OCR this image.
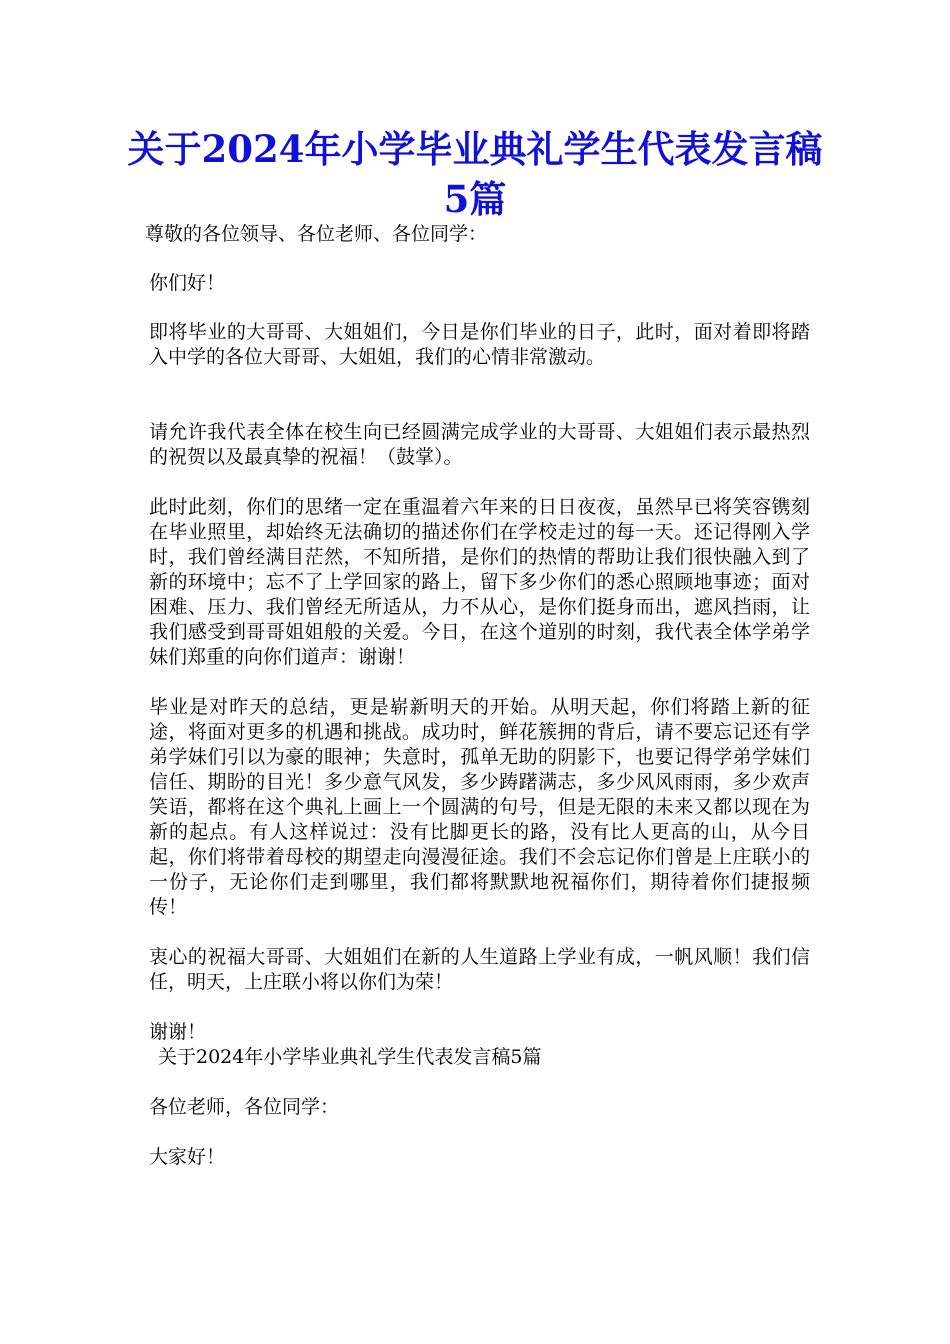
关于2024年小学毕业典礼学生代表发言稿5篇

尊敬的各位领导、各位老师、各位同学：

你们好！

即将毕业的大哥哥、大姐姐们，今日是你们毕业的日子，此时，面对着即将踏入中学的各位大哥哥、大姐姐，我们的心情非常激动。

请允许我代表全体在校生向已经圆满完成学业的大哥哥、大姐姐们表示最热烈的祝贺以及最真挚的祝福！（鼓掌）。

此时此刻，你们的思绪一定在重温着六年来的日日夜夜，虽然早已将笑容镌刻在毕业照里，却始终无法确切的描述你们在学校走过的每一天。还记得刚入学时，我们曾经满目茫然，不知所措，是你们的热情的帮助让我们很快融入到了新的环境中；忘不了上学回家的路上，留下多少你们的悉心照顾地事迹；面对困难、压力、我们曾经无所适从，力不从心，是你们挺身而出，遮风挡雨，让我们感受到哥哥姐姐般的关爱。今日，在这个道别的时刻，我代表全体学弟学妹们郑重的向你们道声：谢谢！

毕业是对昨天的总结，更是崭新明天的开始。从明天起，你们将踏上新的征途，将面对更多的机遇和挑战。成功时，鲜花簇拥的背后，请不要忘记还有学弟学妹们引以为豪的眼神；失意时，孤单无助的阴影下，也要记得学弟学妹们信任、期盼的目光！多少意气风发，多少踌躇满志，多少风风雨雨，多少欢声笑语，都将在这个典礼上画上一个圆满的句号，但是无限的未来又都以现在为新的起点。有人这样说过：没有比脚更长的路，没有比人更高的山，从今日起，你们将带着母校的期望走向漫漫征途。我们不会忘记你们曾是上庄联小的一份子，无论你们走到哪里，我们都将默默地祝福你们，期待着你们捷报频传！

衷心的祝福大哥哥、大姐姐们在新的人生道路上学业有成，一帆风顺！我们信任，明天，上庄联小将以你们为荣！

谢谢！

关于2024年小学毕业典礼学生代表发言稿5篇

各位老师，各位同学：

大家好！
